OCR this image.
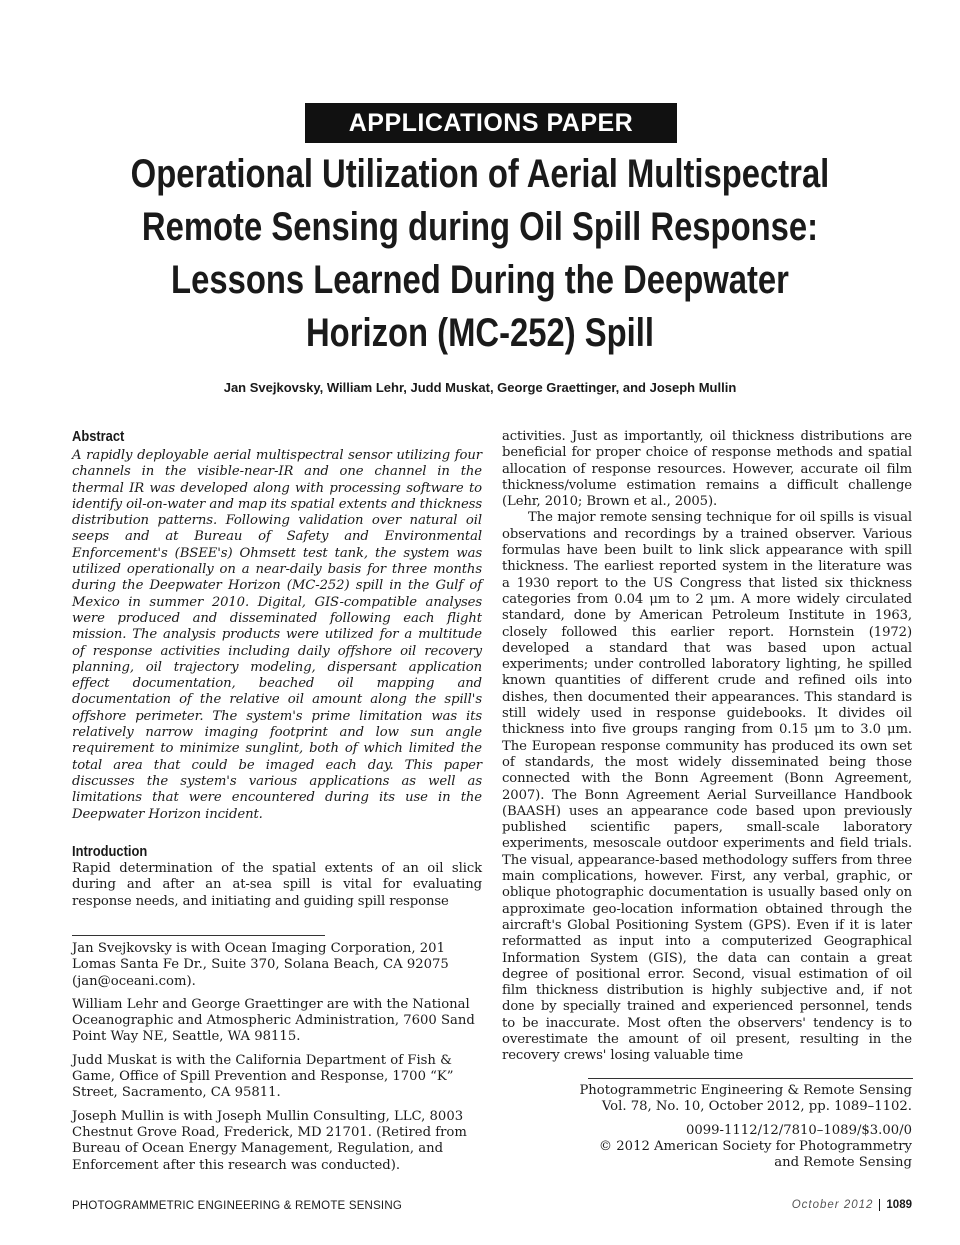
APPLICATIONS PAPER
Operational Utilization of Aerial Multispectral
Remote Sensing during Oil Spill Response:
Lessons Learned During the Deepwater
Horizon (MC-252) Spill
Jan Svejkovsky, William Lehr, Judd Muskat, George Graettinger, and Joseph Mullin
Abstract
A rapidly deployable aerial multispectral sensor utilizing four channels in the visible-near-IR and one channel in the thermal IR was developed along with processing software to identify oil-on-water and map its spatial extents and thickness distribution patterns. Following validation over natural oil seeps and at Bureau of Safety and Environmental Enforcement's (BSEE's) Ohmsett test tank, the system was utilized operationally on a near-daily basis for three months during the Deepwater Horizon (MC-252) spill in the Gulf of Mexico in summer 2010. Digital, GIS-compatible analyses were produced and disseminated following each flight mission. The analysis products were utilized for a multitude of response activities including daily offshore oil recovery planning, oil trajectory modeling, dispersant application effect documentation, beached oil mapping and documentation of the relative oil amount along the spill's offshore perimeter. The system's prime limitation was its relatively narrow imaging footprint and low sun angle requirement to minimize sunglint, both of which limited the total area that could be imaged each day. This paper discusses the system's various applications as well as limitations that were encountered during its use in the Deepwater Horizon incident.
Introduction
Rapid determination of the spatial extents of an oil slick during and after an at-sea spill is vital for evaluating response needs, and initiating and guiding spill response

Jan Svejkovsky is with Ocean Imaging Corporation, 201 Lomas Santa Fe Dr., Suite 370, Solana Beach, CA 92075 (jan@oceani.com).

William Lehr and George Graettinger are with the National Oceanographic and Atmospheric Administration, 7600 Sand Point Way NE, Seattle, WA 98115.

Judd Muskat is with the California Department of Fish & Game, Office of Spill Prevention and Response, 1700 “K” Street, Sacramento, CA 95811.

Joseph Mullin is with Joseph Mullin Consulting, LLC, 8003 Chestnut Grove Road, Frederick, MD 21701. (Retired from Bureau of Ocean Energy Management, Regulation, and Enforcement after this research was conducted).

activities. Just as importantly, oil thickness distributions are beneficial for proper choice of response methods and spatial allocation of response resources. However, accurate oil film thickness/volume estimation remains a difficult challenge (Lehr, 2010; Brown et al., 2005).

The major remote sensing technique for oil spills is visual observations and recordings by a trained observer. Various formulas have been built to link slick appearance with spill thickness. The earliest reported system in the literature was a 1930 report to the US Congress that listed six thickness categories from 0.04 μm to 2 μm. A more widely circulated standard, done by American Petroleum Institute in 1963, closely followed this earlier report. Hornstein (1972) developed a standard that was based upon actual experiments; under controlled laboratory lighting, he spilled known quantities of different crude and refined oils into dishes, then documented their appearances. This standard is still widely used in response guidebooks. It divides oil thickness into five groups ranging from 0.15 μm to 3.0 μm. The European response community has produced its own set of standards, the most widely disseminated being those connected with the Bonn Agreement (Bonn Agreement, 2007). The Bonn Agreement Aerial Surveillance Handbook (BAASH) uses an appearance code based upon previously published scientific papers, small-scale laboratory experiments, mesoscale outdoor experiments and field trials. The visual, appearance-based methodology suffers from three main complications, however. First, any verbal, graphic, or oblique photographic documentation is usually based only on approximate geo-location information obtained through the aircraft's Global Positioning System (GPS). Even if it is later reformatted as input into a computerized Geographical Information System (GIS), the data can contain a great degree of positional error. Second, visual estimation of oil film thickness distribution is highly subjective and, if not done by specially trained and experienced personnel, tends to be inaccurate. Most often the observers' tendency is to overestimate the amount of oil present, resulting in the recovery crews' losing valuable time

Photogrammetric Engineering & Remote Sensing

Vol. 78, No. 10, October 2012, pp. 1089–1102.

0099-1112/12/7810–1089/$3.00/0

© 2012 American Society for Photogrammetry

and Remote Sensing

PHOTOGRAMMETRIC ENGINEERING & REMOTE SENSING	October 2012 1089
